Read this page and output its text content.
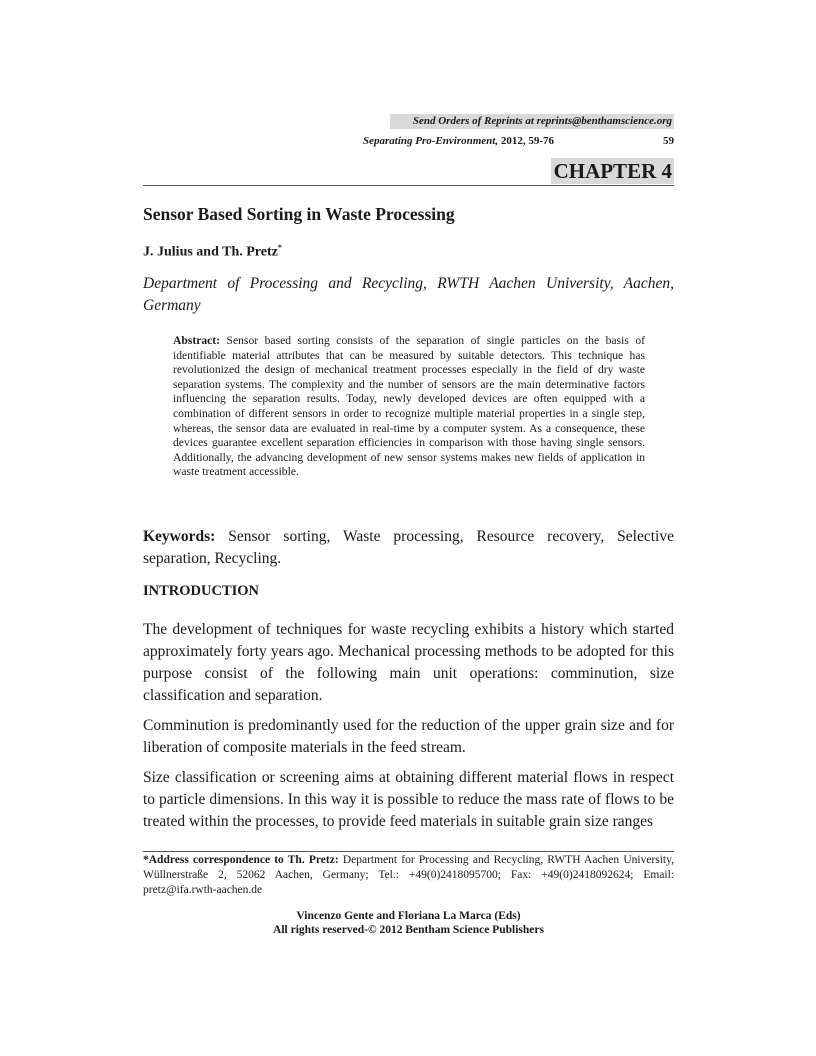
Send Orders of Reprints at reprints@benthamscience.org
Separating Pro-Environment, 2012, 59-76	59
CHAPTER 4
Sensor Based Sorting in Waste Processing
J. Julius and Th. Pretz*
Department of Processing and Recycling, RWTH Aachen University, Aachen, Germany
Abstract: Sensor based sorting consists of the separation of single particles on the basis of identifiable material attributes that can be measured by suitable detectors. This technique has revolutionized the design of mechanical treatment processes especially in the field of dry waste separation systems. The complexity and the number of sensors are the main determinative factors influencing the separation results. Today, newly developed devices are often equipped with a combination of different sensors in order to recognize multiple material properties in a single step, whereas, the sensor data are evaluated in real-time by a computer system. As a consequence, these devices guarantee excellent separation efficiencies in comparison with those having single sensors. Additionally, the advancing development of new sensor systems makes new fields of application in waste treatment accessible.
Keywords: Sensor sorting, Waste processing, Resource recovery, Selective separation, Recycling.
INTRODUCTION
The development of techniques for waste recycling exhibits a history which started approximately forty years ago. Mechanical processing methods to be adopted for this purpose consist of the following main unit operations: comminution, size classification and separation.
Comminution is predominantly used for the reduction of the upper grain size and for liberation of composite materials in the feed stream.
Size classification or screening aims at obtaining different material flows in respect to particle dimensions. In this way it is possible to reduce the mass rate of flows to be treated within the processes, to provide feed materials in suitable grain size ranges
*Address correspondence to Th. Pretz: Department for Processing and Recycling, RWTH Aachen University, Wüllnerstraße 2, 52062 Aachen, Germany; Tel.: +49(0)2418095700; Fax: +49(0)2418092624; Email: pretz@ifa.rwth-aachen.de
Vincenzo Gente and Floriana La Marca (Eds)
All rights reserved-© 2012 Bentham Science Publishers
